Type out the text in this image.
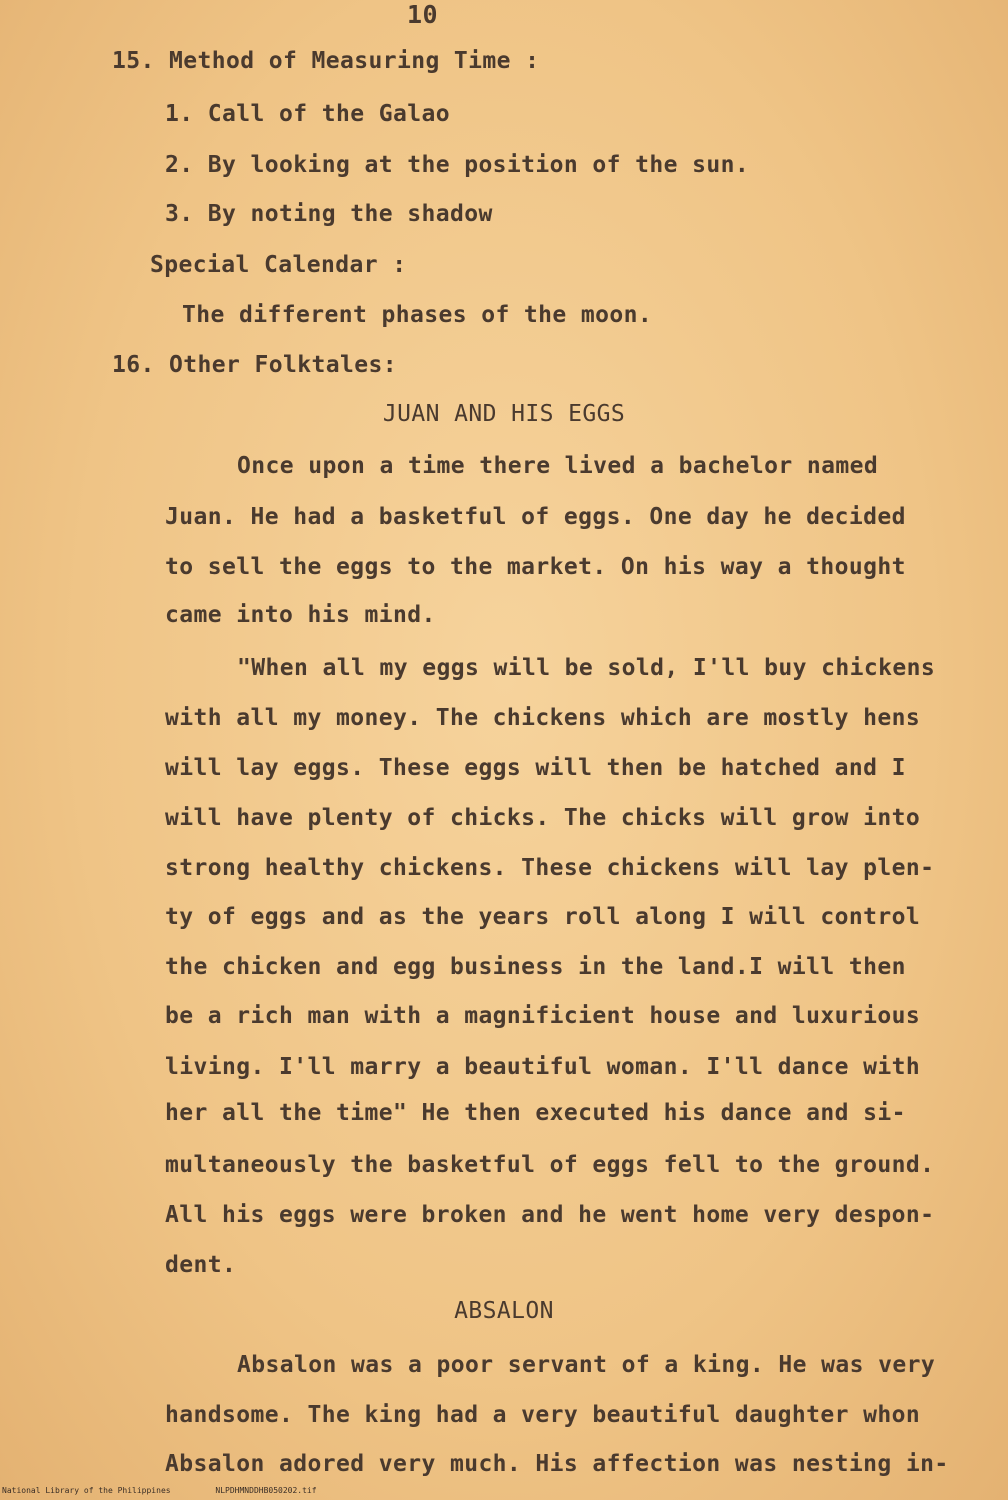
10
15. Method of Measuring Time :
1. Call of the Galao
2. By looking at the position of the sun.
3. By noting the shadow
Special Calendar :
The different phases of the moon.
16. Other Folktales:
JUAN AND HIS EGGS
Once upon a time there lived a bachelor named
Juan. He had a basketful of eggs. One day he decided
to sell the eggs to the market. On his way a thought
came into his mind.
"When all my eggs will be sold, I'll buy chickens
with all my money. The chickens which are mostly hens
will lay eggs. These eggs will then be hatched and I
will have plenty of chicks. The chicks will grow into
strong healthy chickens. These chickens will lay plen-
ty of eggs and as the years roll along I will control
the chicken and egg business in the land.I will then
be a rich man with a magnificient house and luxurious
living. I'll marry a beautiful woman. I'll dance with
her all the time" He then executed his dance and si-
multaneously the basketful of eggs fell to the ground.
All his eggs were broken and he went home very despon-
dent.
ABSALON
Absalon was a poor servant of a king. He was very
handsome. The king had a very beautiful daughter whon
Absalon adored very much. His affection was nesting in-
National Library of the Philippines	NLPDHMNDDHB050202.tif
